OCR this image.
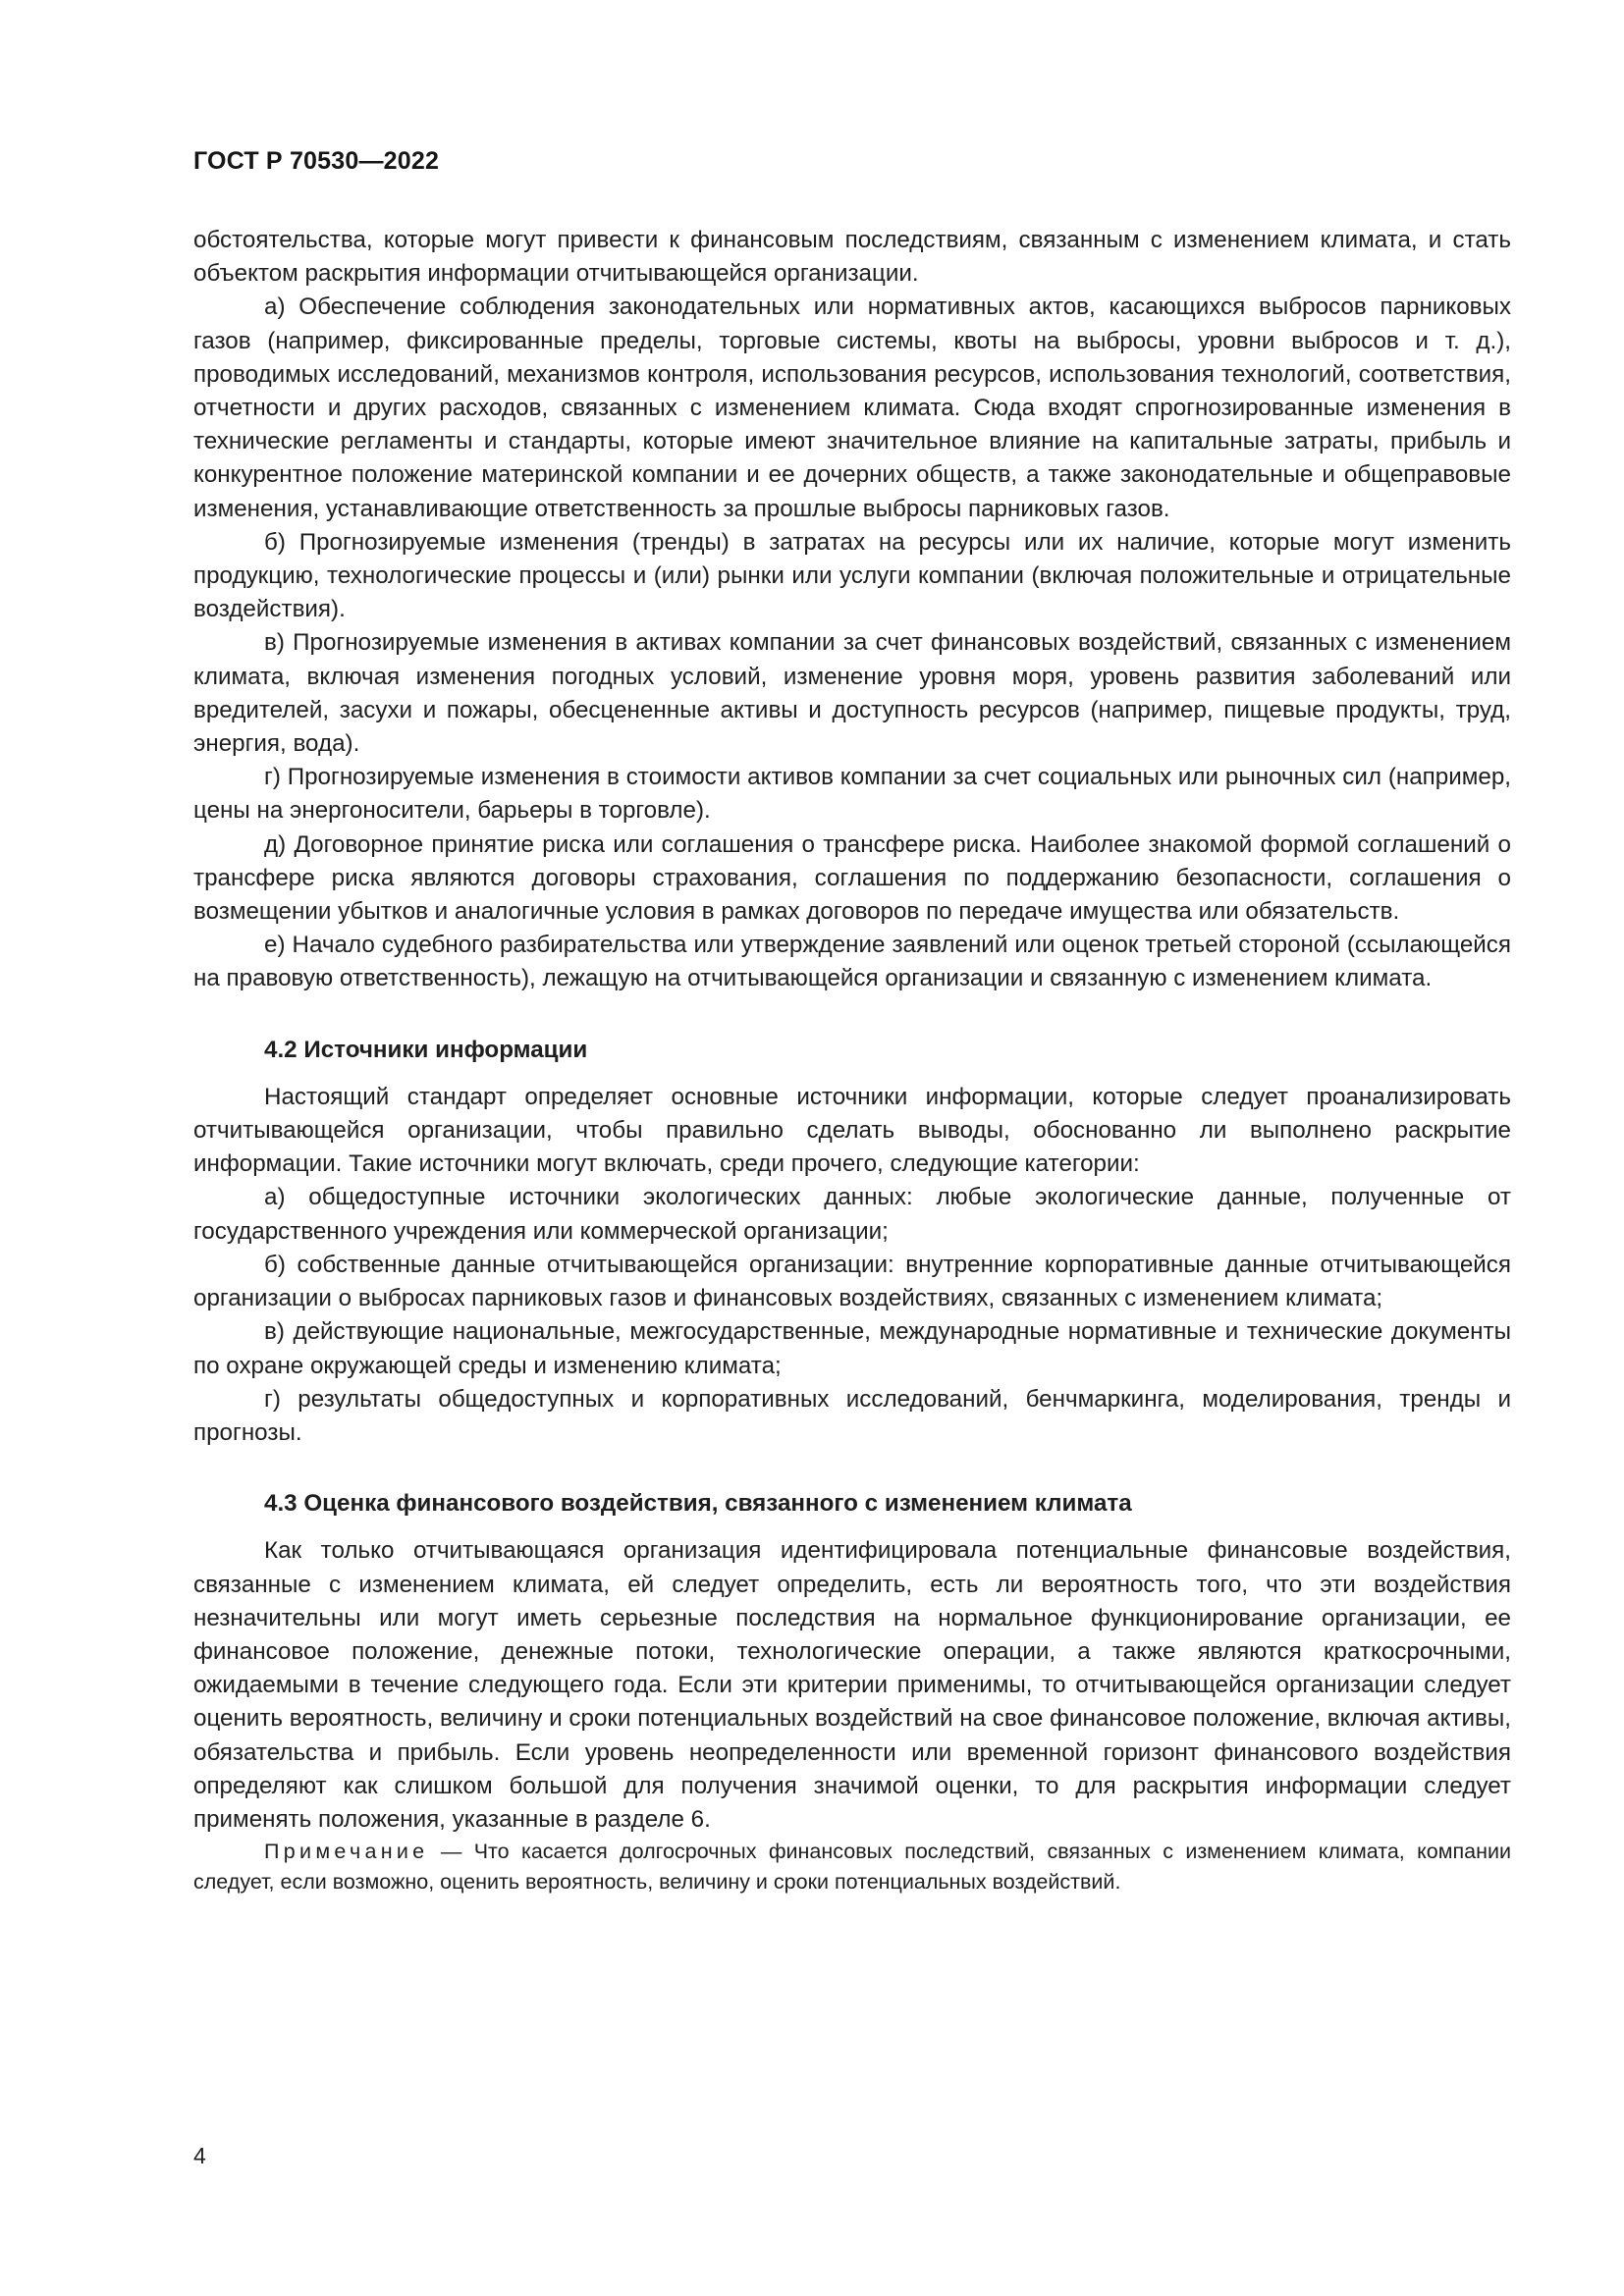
ГОСТ Р 70530—2022

обстоятельства, которые могут привести к финансовым последствиям, связанным с изменением климата, и стать объектом раскрытия информации отчитывающейся организации.

а) Обеспечение соблюдения законодательных или нормативных актов, касающихся выбросов парниковых газов (например, фиксированные пределы, торговые системы, квоты на выбросы, уровни выбросов и т. д.), проводимых исследований, механизмов контроля, использования ресурсов, использования технологий, соответствия, отчетности и других расходов, связанных с изменением климата. Сюда входят спрогнозированные изменения в технические регламенты и стандарты, которые имеют значительное влияние на капитальные затраты, прибыль и конкурентное положение материнской компании и ее дочерних обществ, а также законодательные и общеправовые изменения, устанавливающие ответственность за прошлые выбросы парниковых газов.

б) Прогнозируемые изменения (тренды) в затратах на ресурсы или их наличие, которые могут изменить продукцию, технологические процессы и (или) рынки или услуги компании (включая положительные и отрицательные воздействия).

в) Прогнозируемые изменения в активах компании за счет финансовых воздействий, связанных с изменением климата, включая изменения погодных условий, изменение уровня моря, уровень развития заболеваний или вредителей, засухи и пожары, обесцененные активы и доступность ресурсов (например, пищевые продукты, труд, энергия, вода).

г) Прогнозируемые изменения в стоимости активов компании за счет социальных или рыночных сил (например, цены на энергоносители, барьеры в торговле).

д) Договорное принятие риска или соглашения о трансфере риска. Наиболее знакомой формой соглашений о трансфере риска являются договоры страхования, соглашения по поддержанию безопасности, соглашения о возмещении убытков и аналогичные условия в рамках договоров по передаче имущества или обязательств.

е) Начало судебного разбирательства или утверждение заявлений или оценок третьей стороной (ссылающейся на правовую ответственность), лежащую на отчитывающейся организации и связанную с изменением климата.

4.2 Источники информации

Настоящий стандарт определяет основные источники информации, которые следует проанализировать отчитывающейся организации, чтобы правильно сделать выводы, обоснованно ли выполнено раскрытие информации. Такие источники могут включать, среди прочего, следующие категории:

а) общедоступные источники экологических данных: любые экологические данные, полученные от государственного учреждения или коммерческой организации;

б) собственные данные отчитывающейся организации: внутренние корпоративные данные отчитывающейся организации о выбросах парниковых газов и финансовых воздействиях, связанных с изменением климата;

в) действующие национальные, межгосударственные, международные нормативные и технические документы по охране окружающей среды и изменению климата;

г) результаты общедоступных и корпоративных исследований, бенчмаркинга, моделирования, тренды и прогнозы.

4.3 Оценка финансового воздействия, связанного с изменением климата

Как только отчитывающаяся организация идентифицировала потенциальные финансовые воздействия, связанные с изменением климата, ей следует определить, есть ли вероятность того, что эти воздействия незначительны или могут иметь серьезные последствия на нормальное функционирование организации, ее финансовое положение, денежные потоки, технологические операции, а также являются краткосрочными, ожидаемыми в течение следующего года. Если эти критерии применимы, то отчитывающейся организации следует оценить вероятность, величину и сроки потенциальных воздействий на свое финансовое положение, включая активы, обязательства и прибыль. Если уровень неопределенности или временной горизонт финансового воздействия определяют как слишком большой для получения значимой оценки, то для раскрытия информации следует применять положения, указанные в разделе 6.

Примечание — Что касается долгосрочных финансовых последствий, связанных с изменением климата, компании следует, если возможно, оценить вероятность, величину и сроки потенциальных воздействий.

4
